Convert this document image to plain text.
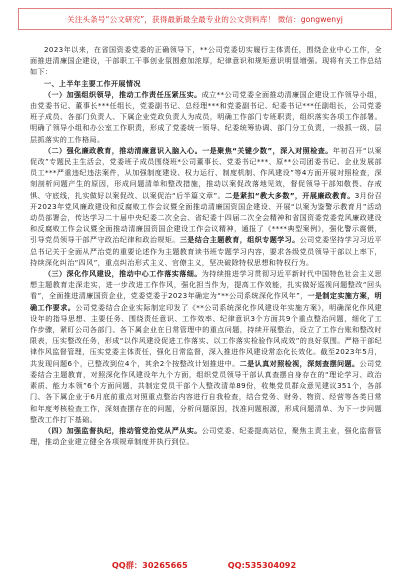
关注头条号“公文研究”，获得最新最全最专业的公文资料库！ 微信：gongwenyj

2023年以来，在省国资委党委的正确领导下，**公司党委切实履行主体责任，围绕企业中心工作，全面推进清廉国企建设，干部职工干事创业氛围愈加浓厚，纪律意识和规矩意识明显增强。现将有关工作总结如下：

一、上半年主要工作开展情况

（一）加强组织领导，推动工作责任压紧压实。成立**公司党委全面推动清廉国企建设工作领导小组，由党委书记、董事长***任组长，党委副书记、总经理***和党委副书记、纪委书记***任副组长，公司党委班子成员、各部门负责人、下属企业党政负责人为成员，明确工作部门专班职责，组织落实各项工作部署。明确了领导小组和办公室工作职责，形成了党委统一领导、纪委统筹协调、部门分工负责，一级抓一级、层层抓落实的工作格局。

（二）强化廉政教育，推动清廉意识入脑入心。一是聚焦“关键少数”，深入对照检查。年初召开“以案促改”专题民主生活会，党委班子成员围绕班*公司董事长、党委书记***、原**公司团委书记、企业发展部员工***严重违纪违法案件，从加强制度建设、权力运行、制度机制、作风建设”等4方面开展对照检查，深刻剖析问题产生的原因，形成问题清单和整改措施，推动以案促改落地见效，督促领导干部知敬畏、存戒惧、守底线，扎实做好以案促改、以案促治“后半篇文章”。二是紧扣“教大多数”，开展廉政教育。3月份召开2023年党风廉政建设和反腐败工作会议暨全面推动清廉国资国企建设、开展“以案为鉴警示教育月”活动动员部署会，传达学习二十届中央纪委二次全会、省纪委十四届二次全会精神和省国资委党委党风廉政建设和反腐败工作会议暨全面推动清廉国资国企建设工作会议精神，通报了《****典型案例》，强化警示震慑，引导党员领导干部严守政治纪律和政治规矩。三是结合主题教育，组织专题学习。公司党委坚持学习习近平总书记关于全面从严治党的重要论述作为主题教育读书班专题学习内容，要求各级党员领导干部以上率下，持续深化纠治“四风”，重点纠治形式主义、官僚主义，坚决破除特权思想和特权行为。

（三）深化作风建设，推动中心工作落实落细。为持续推进学习贯彻习近平新时代中国特色社会主义思想主题教育走深走实，进一步改进工作作风，强化担当作为，提高工作效能，扎实做好巡视问题整改“回头看”，全面推进清廉国资企业，党委党委于2023年确定为“**公司系统深化作风年”，一是制定实施方案，明确工作要求。公司党委结合企业实际制定印发了《**公司系统深化作风建设年实施方案》，明确深化作风建设年的指导思想、主要任务、围绕责任意识、工作效率、纪律意识3个方面共9个重点整治问题，细化了工作步骤，紧盯公司各部门、各下属企业在日常管理中的重点问题，持续开展整治，设立了工作台账和整改时限表，压实整改任务，形成“以作风建设促进工作落实、以工作落实检验作风成效”的良好氛围。严格干部纪律作风监督管理，压实党委主体责任，强化日常监督，深入推进作风建设常态化长效化。截至2023年5月，共发现问题6个，已整改到位4个，其余2个按整改计划推进中。二是认真对照检视，深刻查摆问题。公司党委结合主题教育，对照深化作风建设年九个方面，组织党员领导干部认真查摆自身存在的“理论学习、政治素质、能力本领”6个方面问题，共制定党员干部个人整改清单89份，收集党员群众意见建议351个，各部门、各下属企业于6月底前重点对照重点整治内容进行自我检查，结合党务、财务、物资、经营等各类日常和年度考核检查工作，深刻查摆存在的问题，分析问题原因，找准问题根源，形成问题清单、为下一步问题整改工作打下基础。

（四）加强监督执纪，推动管党治党从严从实。公司党委、纪委提高站位，聚焦主责主业，强化监督管理，推动企业建立健全各项规章制度并执行到位。

QQ群：30265665	QQ:535304092
